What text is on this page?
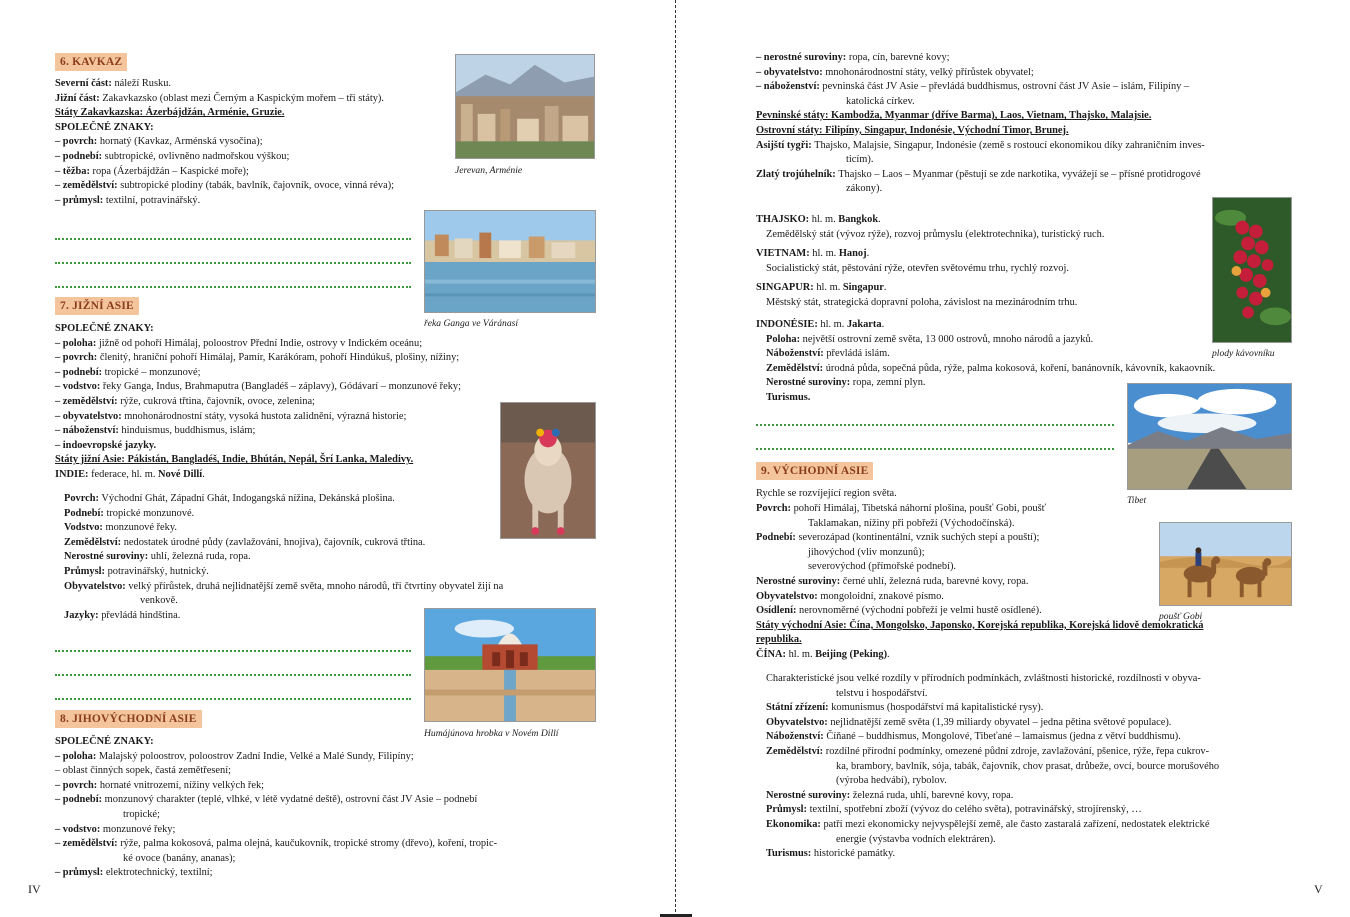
6. KAVKAZ
Severní část: náleží Rusku.
Jižní část: Zakavkazsko (oblast mezi Černým a Kaspickým mořem – tři státy).
Státy Zakavkazska: Ázerbájdžán, Arménie, Gruzie.
SPOLEČNÉ ZNAKY:
– povrch: hornatý (Kavkaz, Arménská vysočina);
– podnebí: subtropické, ovlivněno nadmořskou výškou;
– těžba: ropa (Ázerbájdžán – Kaspické moře);
– zemědělství: subtropické plodiny (tabák, bavlník, čajovník, ovoce, vinná réva);
– průmysl: textilní, potravinářský.
Jerevan, Arménie
řeka Ganga ve Váránasí
7. JIŽNÍ ASIE
SPOLEČNÉ ZNAKY:
– poloha: jižně od pohoří Himálaj, poloostrov Přední Indie, ostrovy v Indickém oceánu;
– povrch: členitý, hraniční pohoří Himálaj, Pamír, Karákóram, pohoří Hindúkuš, plošiny, nížiny;
– podnebí: tropické – monzunové;
– vodstvo: řeky Ganga, Indus, Brahmaputra (Bangladéš – záplavy), Gódávarí – monzunové řeky;
– zemědělství: rýže, cukrová třtina, čajovník, ovoce, zelenina;
– obyvatelstvo: mnohonárodnostní státy, vysoká hustota zalidnění, výrazná historie;
– náboženství: hinduismus, buddhismus, islám;
– indoevropské jazyky.
Státy jižní Asie: Pákistán, Bangladéš, Indie, Bhútán, Nepál, Šrí Lanka, Maledivy.
INDIE: federace, hl. m. Nové Dillí.
Povrch: Východní Ghát, Západní Ghát, Indogangská nížina, Dekánská plošina.
Podnebí: tropické monzunové.
Vodstvo: monzunové řeky.
Zemědělství: nedostatek úrodné půdy (zavlažování, hnojiva), čajovník, cukrová třtina.
Nerostné suroviny: uhlí, železná ruda, ropa.
Průmysl: potravinářský, hutnický.
Obyvatelstvo: velký přírůstek, druhá nejlidnatější země světa, mnoho národů, tři čtvrtiny obyvatel žijí na
venkově.
Jazyky: převládá hindština.
Humájúnova hrobka v Novém Dillí
8. JIHOVÝCHODNÍ ASIE
SPOLEČNÉ ZNAKY:
– poloha: Malajský poloostrov, poloostrov Zadní Indie, Velké a Malé Sundy, Filipíny;
– oblast činných sopek, častá zemětřesení;
– povrch: hornaté vnitrozemí, nížiny velkých řek;
– podnebí: monzunový charakter (teplé, vlhké, v létě vydatné deště), ostrovní část JV Asie – podnebí
tropické;
– vodstvo: monzunové řeky;
– zemědělství: rýže, palma kokosová, palma olejná, kaučukovník, tropické stromy (dřevo), koření, tropic-
ké ovoce (banány, ananas);
– průmysl: elektrotechnický, textilní;
IV
– nerostné suroviny: ropa, cín, barevné kovy;
– obyvatelstvo: mnohonárodnostní státy, velký přírůstek obyvatel;
– náboženství: pevninská část JV Asie – převládá buddhismus, ostrovní část JV Asie – islám, Filipíny –
katolická církev.
Pevninské státy: Kambodža, Myanmar (dříve Barma), Laos, Vietnam, Thajsko, Malajsie.
Ostrovní státy: Filipíny, Singapur, Indonésie, Východní Timor, Brunej.
Asijští tygři: Thajsko, Malajsie, Singapur, Indonésie (země s rostoucí ekonomikou díky zahraničním inves-
ticím).
Zlatý trojúhelník: Thajsko – Laos – Myanmar (pěstují se zde narkotika, vyvážejí se – přísné protidrogové
zákony).
THAJSKO: hl. m. Bangkok.
Zemědělský stát (vývoz rýže), rozvoj průmyslu (elektrotechnika), turistický ruch.
VIETNAM: hl. m. Hanoj.
Socialistický stát, pěstování rýže, otevřen světovému trhu, rychlý rozvoj.
SINGAPUR: hl. m. Singapur.
Městský stát, strategická dopravní poloha, závislost na mezinárodním trhu.
INDONÉSIE: hl. m. Jakarta.
Poloha: největší ostrovní země světa, 13 000 ostrovů, mnoho národů a jazyků.
Náboženství: převládá islám.
Zemědělství: úrodná půda, sopečná půda, rýže, palma kokosová, koření, banánovník, kávovník, kakaovník.
Nerostné suroviny: ropa, zemní plyn.
Turismus.
plody kávovníku
Tibet
9. VÝCHODNÍ ASIE
Rychle se rozvíjející region světa.
Povrch: pohoří Himálaj, Tibetská náhorní plošina, poušť Gobi, poušť
Taklamakan, nížiny při pobřeží (Východočínská).
Podnebí: severozápad (kontinentální, vznik suchých stepí a pouští);
jihovýchod (vliv monzunů);
severovýchod (přímořské podnebí).
Nerostné suroviny: černé uhlí, železná ruda, barevné kovy, ropa.
Obyvatelstvo: mongoloidní, znakové písmo.
Osídlení: nerovnoměrné (východní pobřeží je velmi hustě osídlené).
Státy východní Asie: Čína, Mongolsko, Japonsko, Korejská republika, Korejská lidově demokratická
republika.
ČÍNA: hl. m. Beijing (Peking).
Charakteristické jsou velké rozdíly v přírodních podmínkách, zvláštnosti historické, rozdílnosti v obyva-
telstvu i hospodářství.
Státní zřízení: komunismus (hospodářství má kapitalistické rysy).
Obyvatelstvo: nejlidnatější země světa (1,39 miliardy obyvatel – jedna pětina světové populace).
Náboženství: Číňané – buddhismus, Mongolové, Tibeťané – lamaismus (jedna z větví buddhismu).
Zemědělství: rozdílné přírodní podmínky, omezené půdní zdroje, zavlažování, pšenice, rýže, řepa cukrov-
ka, brambory, bavlník, sója, tabák, čajovník, chov prasat, drůbeže, ovcí, bource morušového
(výroba hedvábí), rybolov.
Nerostné suroviny: železná ruda, uhlí, barevné kovy, ropa.
Průmysl: textilní, spotřební zboží (vývoz do celého světa), potravinářský, strojírenský, …
Ekonomika: patří mezi ekonomicky nejvyspělejší země, ale často zastaralá zařízení, nedostatek elektrické
energie (výstavba vodních elektráren).
Turismus: historické památky.
poušť Gobi
V
